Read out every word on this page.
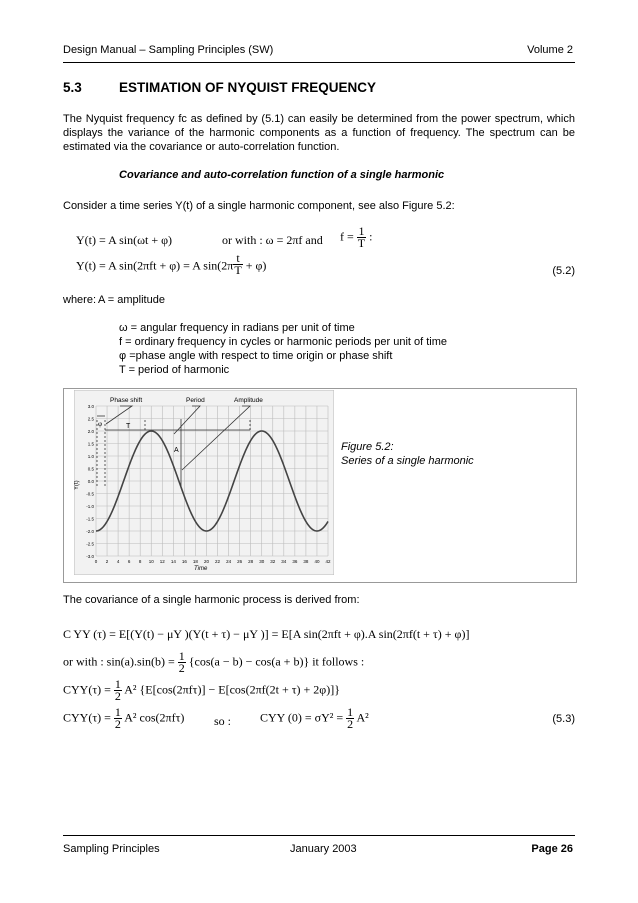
Design Manual – Sampling Principles (SW)	Volume 2
5.3	ESTIMATION OF NYQUIST FREQUENCY
The Nyquist frequency fc as defined by (5.1) can easily be determined from the power spectrum, which displays the variance of the harmonic components as a function of frequency. The spectrum can be estimated via the covariance or auto-correlation function.
Covariance and auto-correlation function of a single harmonic
Consider a time series Y(t) of a single harmonic component, see also Figure 5.2:
Y(t) = A sin(ωt + φ)	or with : ω = 2πf and $f = \frac{1}{T}$ :
Y(t) = A sin(2πft + φ) = A $\sin(2\pi \frac{t}{T} + \varphi)$	(5.2)
where: A = amplitude
ω = angular frequency in radians per unit of time
f = ordinary frequency in cycles or harmonic periods per unit of time
φ =phase angle with respect to time origin or phase shift
T = period of harmonic
3.0
2.5
2.0
1.5
1.0
0.5
0.0
-0.5
-1.0
-1.5
-2.0
-2.5
-3.0
0 2 4 6 8 10 12 14 16 18 20 22 24 26 28 30 32 34 36 38 40 42
Phase shift	Period	Amplitude
φ	T
A
Time
Y(t)
Figure 5.2:
Series of a single harmonic
The covariance of a single harmonic process is derived from:
C YY (τ) = E[(Y(t) − μY )(Y(t + τ) − μY )] = E[A sin(2πft + φ).A sin(2πf(t + τ) + φ)]
or with : $\sin(a).\sin(b) = \frac{1}{2} \{\cos(a - b) - \cos(a + b)\}$ it follows :
$CYY(\tau) = \frac{1}{2} A^2$ {E[cos(2πfτ)] − E[cos(2πf(2t + τ) + 2φ)]}
$CYY(\tau) = \frac{1}{2} A^2$ cos(2πfτ) so : CYY $(0) = \sigma Y^2 = \frac{1}{2} A^2$	(5.3)
Sampling Principles	January 2003	Page 26
